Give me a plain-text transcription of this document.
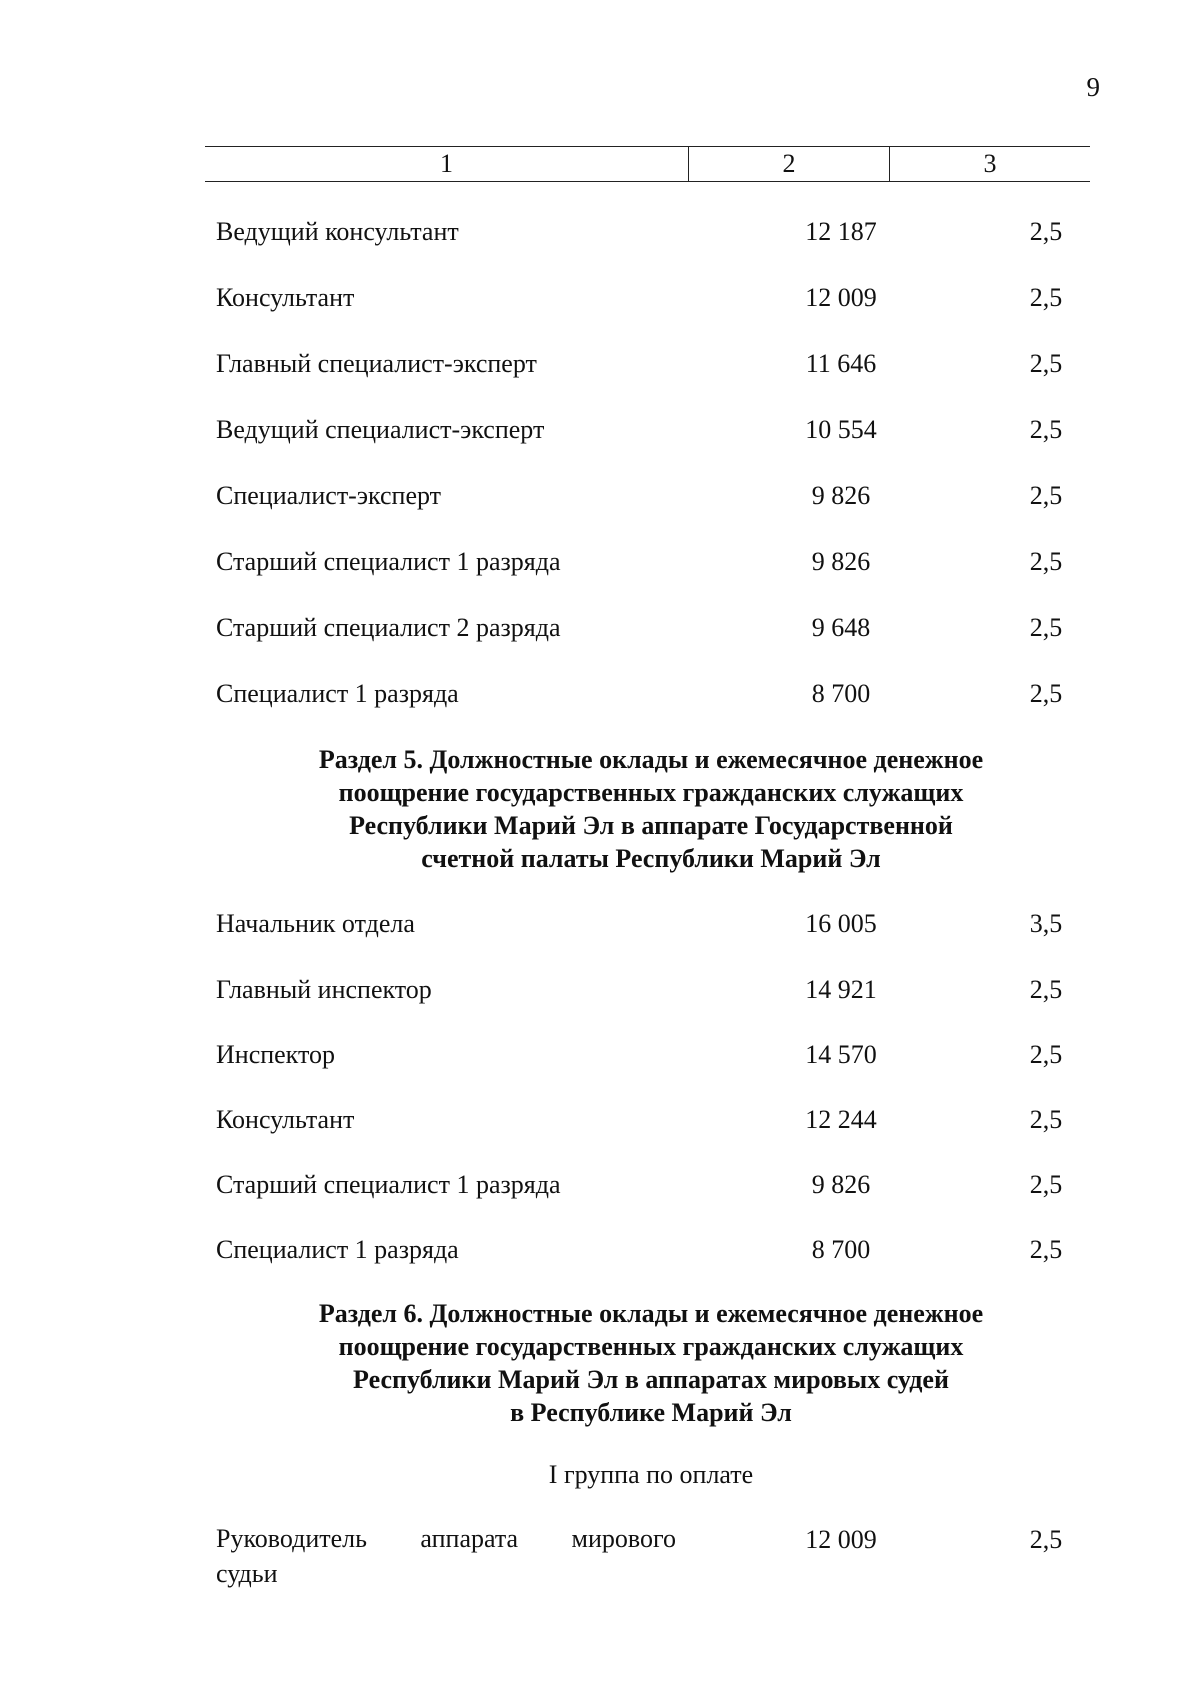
9
1	2	3
Ведущий консультант	12 187	2,5
Консультант	12 009	2,5
Главный специалист-эксперт	11 646	2,5
Ведущий специалист-эксперт	10 554	2,5
Специалист-эксперт	9 826	2,5
Старший специалист 1 разряда	9 826	2,5
Старший специалист 2 разряда	9 648	2,5
Специалист 1 разряда	8 700	2,5
Раздел 5. Должностные оклады и ежемесячное денежное
поощрение государственных гражданских служащих
Республики Марий Эл в аппарате Государственной
счетной палаты Республики Марий Эл
Начальник отдела	16 005	3,5
Главный инспектор	14 921	2,5
Инспектор	14 570	2,5
Консультант	12 244	2,5
Старший специалист 1 разряда	9 826	2,5
Специалист 1 разряда	8 700	2,5
Раздел 6. Должностные оклады и ежемесячное денежное
поощрение государственных гражданских служащих
Республики Марий Эл в аппаратах мировых судей
в Республике Марий Эл
I группа по оплате
Руководитель аппарата мирового
судьи
12 009	2,5
